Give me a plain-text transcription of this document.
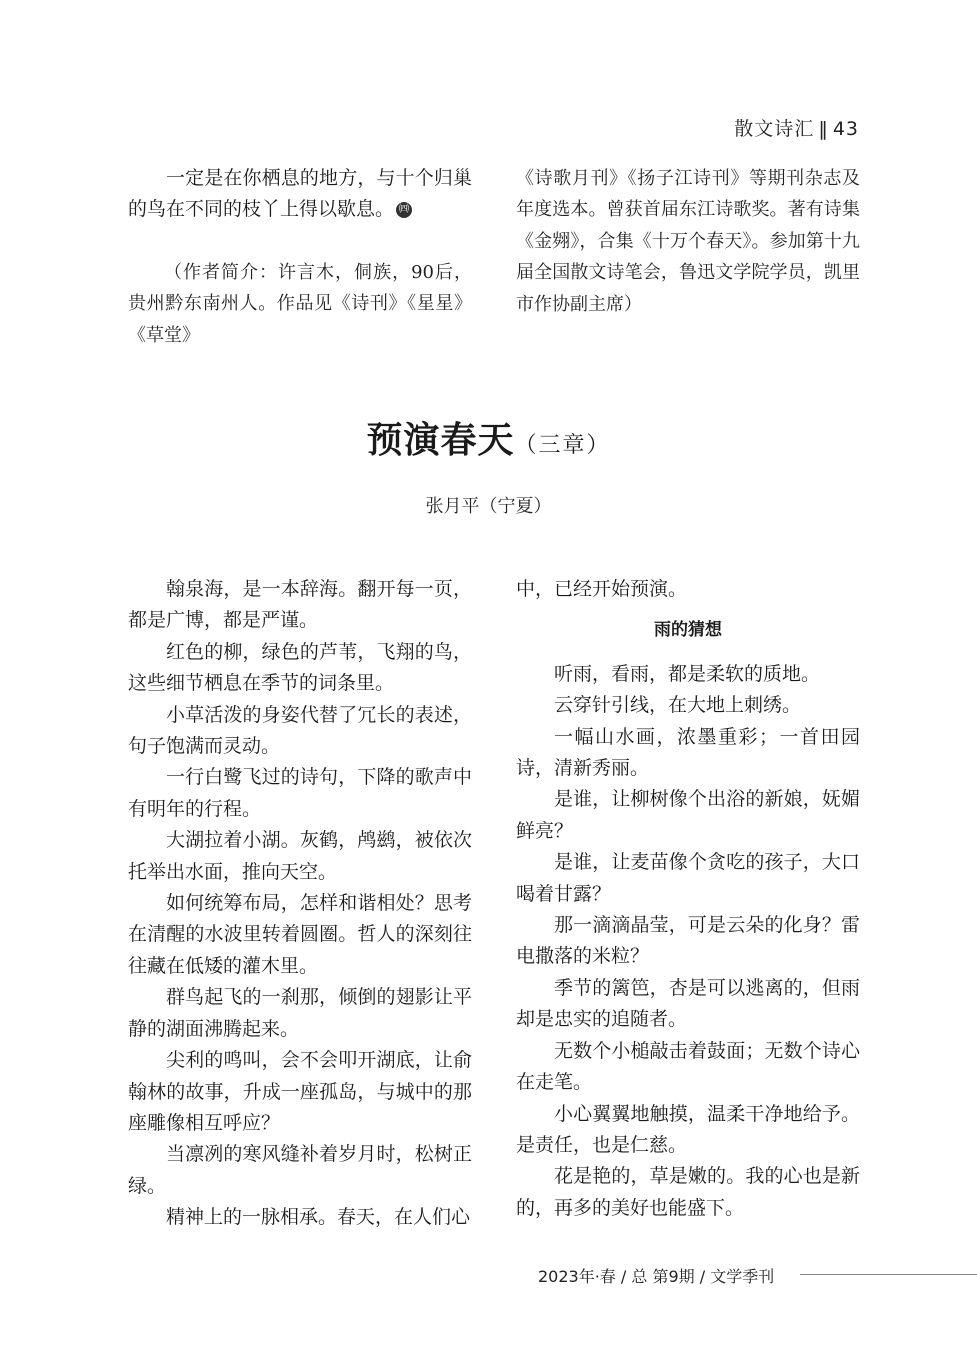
散文诗汇 ‖ 43

一定是在你栖息的地方，与十个归巢的鸟在不同的枝丫上得以歇息。 ㈣

（作者简介：许言木，侗族，90后，贵州黔东南州人。作品见《诗刊》《星星》《草堂》

《诗歌月刊》《扬子江诗刊》等期刊杂志及年度选本。曾获首届东江诗歌奖。著有诗集《金翙》，合集《十万个春天》。参加第十九届全国散文诗笔会，鲁迅文学院学员，凯里市作协副主席）

预演春天（三章）
张月平（宁夏）

翰泉海，是一本辞海。翻开每一页，都是广博，都是严谨。

红色的柳，绿色的芦苇，飞翔的鸟，这些细节栖息在季节的词条里。

小草活泼的身姿代替了冗长的表述，句子饱满而灵动。

一行白鹭飞过的诗句，下降的歌声中有明年的行程。

大湖拉着小湖。灰鹤，鸬鹚，被依次托举出水面，推向天空。

如何统筹布局，怎样和谐相处？思考在清醒的水波里转着圆圈。哲人的深刻往往藏在低矮的灌木里。

群鸟起飞的一刹那，倾倒的翅影让平静的湖面沸腾起来。

尖利的鸣叫，会不会叩开湖底，让俞翰林的故事，升成一座孤岛，与城中的那座雕像相互呼应？

当凛冽的寒风缝补着岁月时，松树正绿。

精神上的一脉相承。春天，在人们心

中，已经开始预演。

雨的猜想

听雨，看雨，都是柔软的质地。

云穿针引线，在大地上刺绣。

一幅山水画，浓墨重彩；一首田园诗，清新秀丽。

是谁，让柳树像个出浴的新娘，妩媚鲜亮？

是谁，让麦苗像个贪吃的孩子，大口喝着甘露？

那一滴滴晶莹，可是云朵的化身？雷电撒落的米粒？

季节的篱笆，杏是可以逃离的，但雨却是忠实的追随者。

无数个小槌敲击着鼓面；无数个诗心在走笔。

小心翼翼地触摸，温柔干净地给予。是责任，也是仁慈。

花是艳的，草是嫩的。我的心也是新的，再多的美好也能盛下。

2023年·春 / 总 第9期 / 文学季刊
